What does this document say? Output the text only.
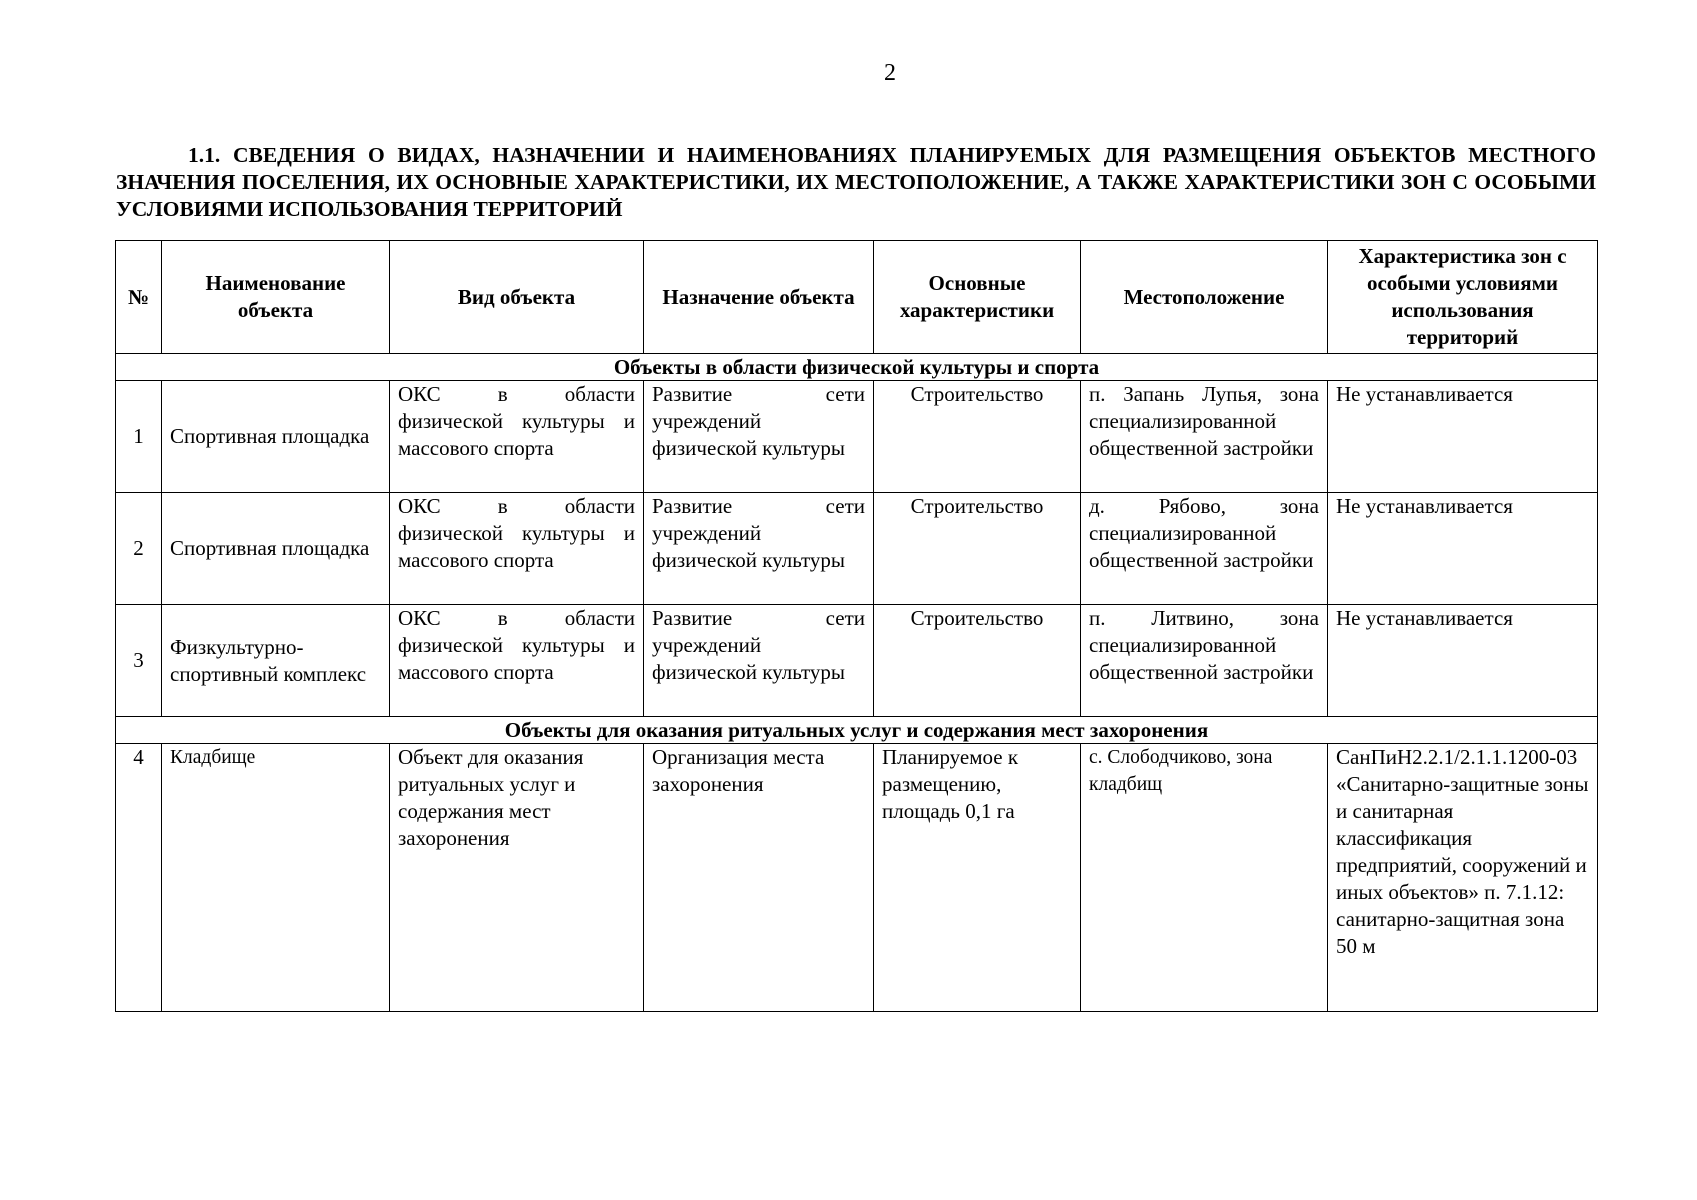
2
1.1. СВЕДЕНИЯ О ВИДАХ, НАЗНАЧЕНИИ И НАИМЕНОВАНИЯХ ПЛАНИРУЕМЫХ ДЛЯ РАЗМЕЩЕНИЯ ОБЪЕКТОВ МЕСТНОГО ЗНАЧЕНИЯ ПОСЕЛЕНИЯ, ИХ ОСНОВНЫЕ ХАРАКТЕРИСТИКИ, ИХ МЕСТОПОЛОЖЕНИЕ, А ТАКЖЕ ХАРАКТЕРИСТИКИ ЗОН С ОСОБЫМИ УСЛОВИЯМИ ИСПОЛЬЗОВАНИЯ ТЕРРИТОРИЙ
№	Наименование объекта	Вид объекта	Назначение объекта	Основные характеристики	Местоположение	Характеристика зон с особыми условиями использования территорий
Объекты в области физической культуры и спорта						
1	Спортивная площадка	ОКС в области физической культуры и массового спорта	Развитие сети учреждений физической культуры	Строительство	п. Запань Лупья, зона специализированной общественной застройки	Не устанавливается
2	Спортивная площадка	ОКС в области физической культуры и массового спорта	Развитие сети учреждений физической культуры	Строительство	д. Рябово, зона специализированной общественной застройки	Не устанавливается
3	Физкультурно-спортивный комплекс	ОКС в области физической культуры и массового спорта	Развитие сети учреждений физической культуры	Строительство	п. Литвино, зона специализированной общественной застройки	Не устанавливается
Объекты для оказания ритуальных услуг и содержания мест захоронения						
4	Кладбище	Объект для оказания ритуальных услуг и содержания мест захоронения	Организация места захоронения	Планируемое к размещению, площадь 0,1 га	с. Слободчиково, зона кладбищ	СанПиН2.2.1/2.1.1.1200-03 «Санитарно-защитные зоны и санитарная классификация предприятий, сооружений и иных объектов» п. 7.1.12: санитарно-защитная зона 50 м
